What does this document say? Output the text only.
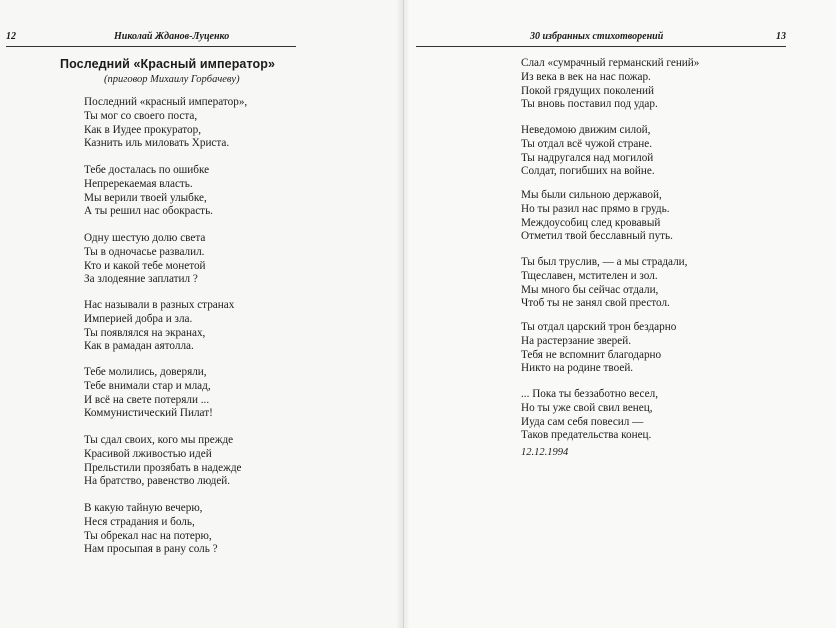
12	Николай Жданов-Луценко
Последний «Красный император»
(приговор Михаилу Горбачеву)
Последний «красный император»,
Ты мог со своего поста,
Как в Иудее прокуратор,
Казнить иль миловать Христа.
Тебе досталась по ошибке
Непререкаемая власть.
Мы верили твоей улыбке,
А ты решил нас обокрасть.
Одну шестую долю света
Ты в одночасье развалил.
Кто и какой тебе монетой
За злодеяние заплатил ?
Нас называли в разных странах
Империей добра и зла.
Ты появлялся на экранах,
Как в рамадан аятолла.
Тебе молились, доверяли,
Тебе внимали стар и млад,
И всё на свете потеряли ...
Коммунистический Пилат!
Ты сдал своих, кого мы прежде
Красивой лживостью идей
Прельстили прозябать в надежде
На братство, равенство людей.
В какую тайную вечерю,
Неся страдания и боль,
Ты обрекал нас на потерю,
Нам просыпая в рану соль ?
30 избранных стихотворений	13
Слал «сумрачный германский гений»
Из века в век на нас пожар.
Покой грядущих поколений
Ты вновь поставил под удар.
Неведомою движим силой,
Ты отдал всё чужой стране.
Ты надругался над могилой
Солдат, погибших на войне.
Мы были сильною державой,
Но ты разил нас прямо в грудь.
Междоусобиц след кровавый
Отметил твой бесславный путь.
Ты был труслив, — а мы страдали,
Тщеславен, мстителен и зол.
Мы много бы сейчас отдали,
Чтоб ты не занял свой престол.
Ты отдал царский трон бездарно
На растерзание зверей.
Тебя не вспомнит благодарно
Никто на родине твоей.
... Пока ты беззаботно весел,
Но ты уже свой свил венец,
Иуда сам себя повесил —
Таков предательства конец.
12.12.1994
